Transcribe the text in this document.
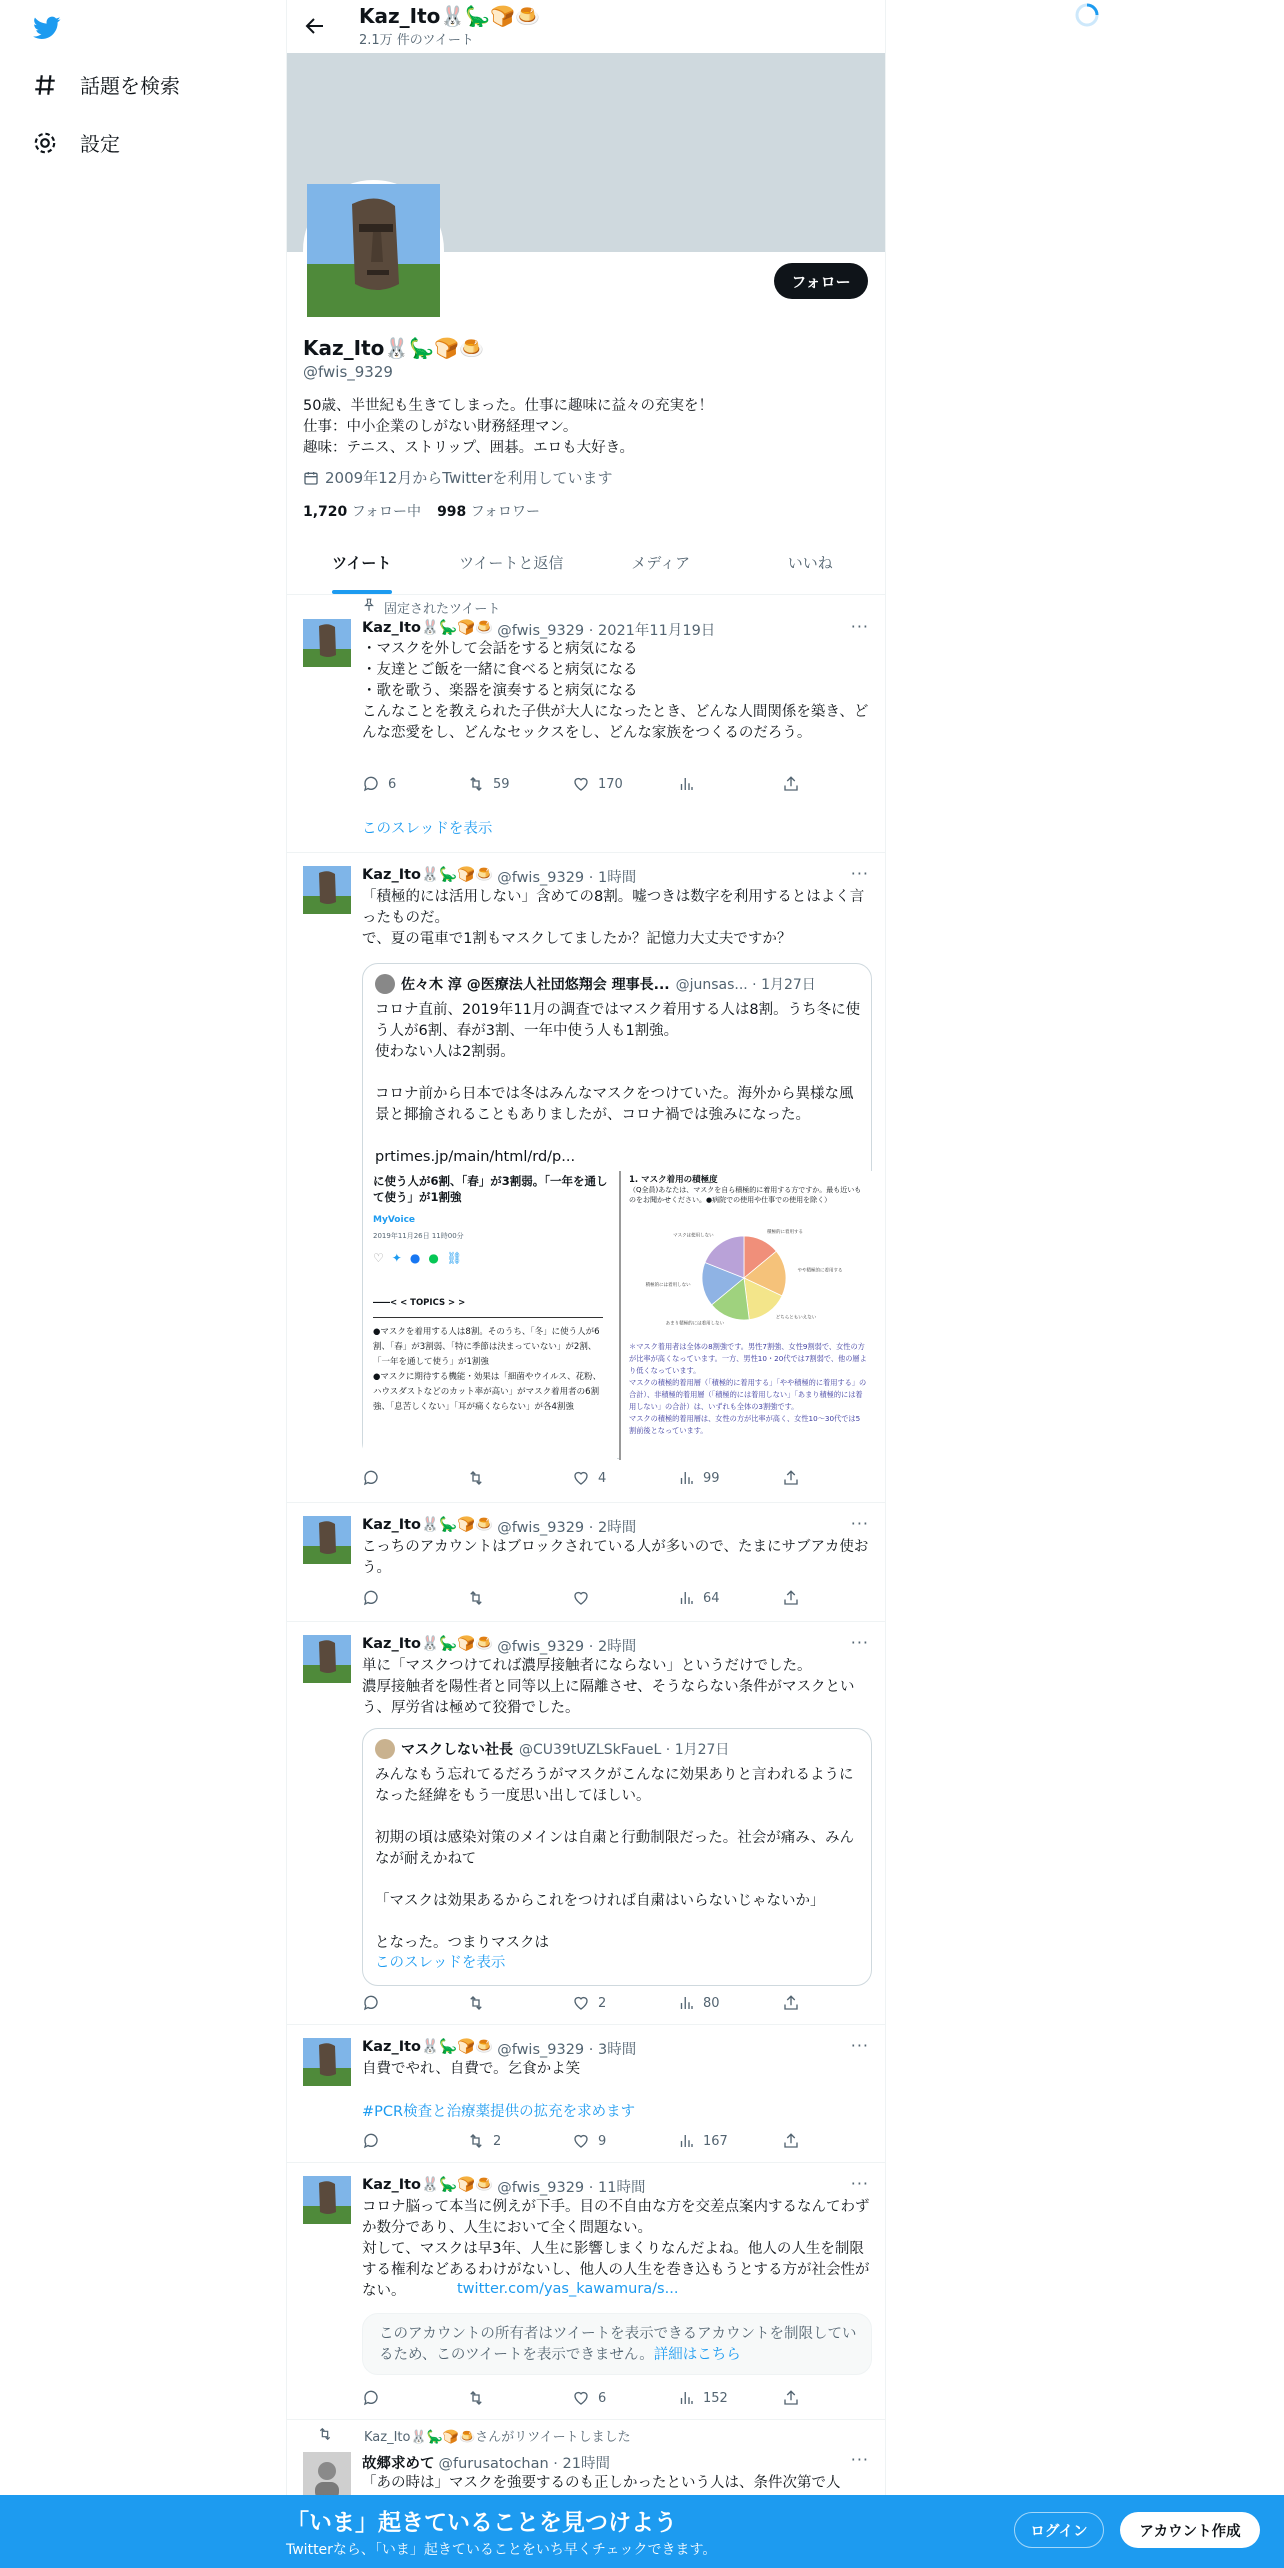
話題を検索
設定
Kaz_Ito🐰🦕🍞🍮
2.1万 件のツイート
フォロー
Kaz_Ito🐰🦕🍞🍮
@fwis_9329
50歳、半世紀も生きてしまった。仕事に趣味に益々の充実を！
仕事：中小企業のしがない財務経理マン。
趣味：テニス、ストリップ、囲碁。エロも大好き。
2009年12月からTwitterを利用しています
1,720 フォロー中 998 フォロワー
ツイート	ツイートと返信	メディア	いいね
固定されたツイート
Kaz_Ito🐰🦕🍞🍮 @fwis_9329 · 2021年11月19日	···
・マスクを外して会話をすると病気になる
・友達とご飯を一緒に食べると病気になる
・歌を歌う、楽器を演奏すると病気になる
こんなことを教えられた子供が大人になったとき、どんな人間関係を築き、どんな恋愛をし、どんなセックスをし、どんな家族をつくるのだろう。
6	59	170
このスレッドを表示
Kaz_Ito🐰🦕🍞🍮 @fwis_9329 · 1時間	···
「積極的には活用しない」含めての8割。嘘つきは数字を利用するとはよく言ったものだ。
で、夏の電車で1割もマスクしてましたか？記憶力大丈夫ですか？
佐々木 淳 @医療法人社団悠翔会 理事長... @junsas... · 1月27日
コロナ直前、2019年11月の調査ではマスク着用する人は8割。うち冬に使う人が6割、春が3割、一年中使う人も1割強。
使わない人は2割弱。

コロナ前から日本では冬はみんなマスクをつけていた。海外から異様な風景と揶揄されることもありましたが、コロナ禍では強みになった。

prtimes.jp/main/html/rd/p...
に使う人が6割、「春」が3割弱。「一年を通して使う」が1割強
MyVoice
2019年11月26日 11時00分
♡ ✦ ● ● ⛓
――< < TOPICS > >
●マスクを着用する人は8割。そのうち、「冬」に使う人が6割、「春」が3割弱、「特に季節は決まっていない」が2割、「一年を通して使う」が1割強
●マスクに期待する機能・効果は「細菌やウイルス、花粉、ハウスダストなどのカット率が高い」がマスク着用者の6割強、「息苦しくない」「耳が痛くならない」が各4割強
1. マスク着用の積極度
（Q全員)あなたは、マスクを自ら積極的に着用する方ですか。最も近いものをお聞かせください。●病院での使用や仕事での使用を除く）
積極的に着用する
やや積極的に着用する
どちらともいえない
あまり積極的には着用しない
積極的には着用しない
マスクは使用しない
＊マスク着用者は全体の8割強です。男性7割強、女性9割弱で、女性の方が比率が高くなっています。一方、男性10・20代では7割弱で、他の層より低くなっています。
マスクの積極的着用層（「積極的に着用する」「やや積極的に着用する」の合計）、非積極的着用層（「積極的には着用しない」「あまり積極的には着用しない」の合計）は、いずれも全体の3割強です。
マスクの積極的着用層は、女性の方が比率が高く、女性10〜30代では5割前後となっています。
4	99
Kaz_Ito🐰🦕🍞🍮 @fwis_9329 · 2時間	···
こっちのアカウントはブロックされている人が多いので、たまにサブアカ使おう。
64
Kaz_Ito🐰🦕🍞🍮 @fwis_9329 · 2時間	···
単に「マスクつけてれば濃厚接触者にならない」というだけでした。
濃厚接触者を陽性者と同等以上に隔離させ、そうならない条件がマスクという、厚労省は極めて狡猾でした。
マスクしない社長 @CU39tUZLSkFaueL · 1月27日
みんなもう忘れてるだろうがマスクがこんなに効果ありと言われるようになった経緯をもう一度思い出してほしい。

初期の頃は感染対策のメインは自粛と行動制限だった。社会が痛み、みんなが耐えかねて

「マスクは効果あるからこれをつければ自粛はいらないじゃないか」

となった。つまりマスクは
このスレッドを表示
2	80
Kaz_Ito🐰🦕🍞🍮 @fwis_9329 · 3時間	···
自費でやれ、自費で。乞食かよ笑
#PCR検査と治療薬提供の拡充を求めます
2	9	167
Kaz_Ito🐰🦕🍞🍮 @fwis_9329 · 11時間	···
コロナ脳って本当に例えが下手。目の不自由な方を交差点案内するなんてわずか数分であり、人生において全く問題ない。
対して、マスクは早3年、人生に影響しまくりなんだよね。他人の人生を制限する権利などあるわけがないし、他人の人生を巻き込もうとする方が社会性がない。	twitter.com/yas_kawamura/s...
このアカウントの所有者はツイートを表示できるアカウントを制限しているため、このツイートを表示できません。詳細はこちら
6	152
Kaz_Ito🐰🦕🍞🍮さんがリツイートしました
故郷求めて @furusatochan · 21時間	···
「あの時は」マスクを強要するのも正しかったという人は、条件次第で人
「いま」起きていることを見つけよう
Twitterなら、「いま」起きていることをいち早くチェックできます。
ログイン	アカウント作成
